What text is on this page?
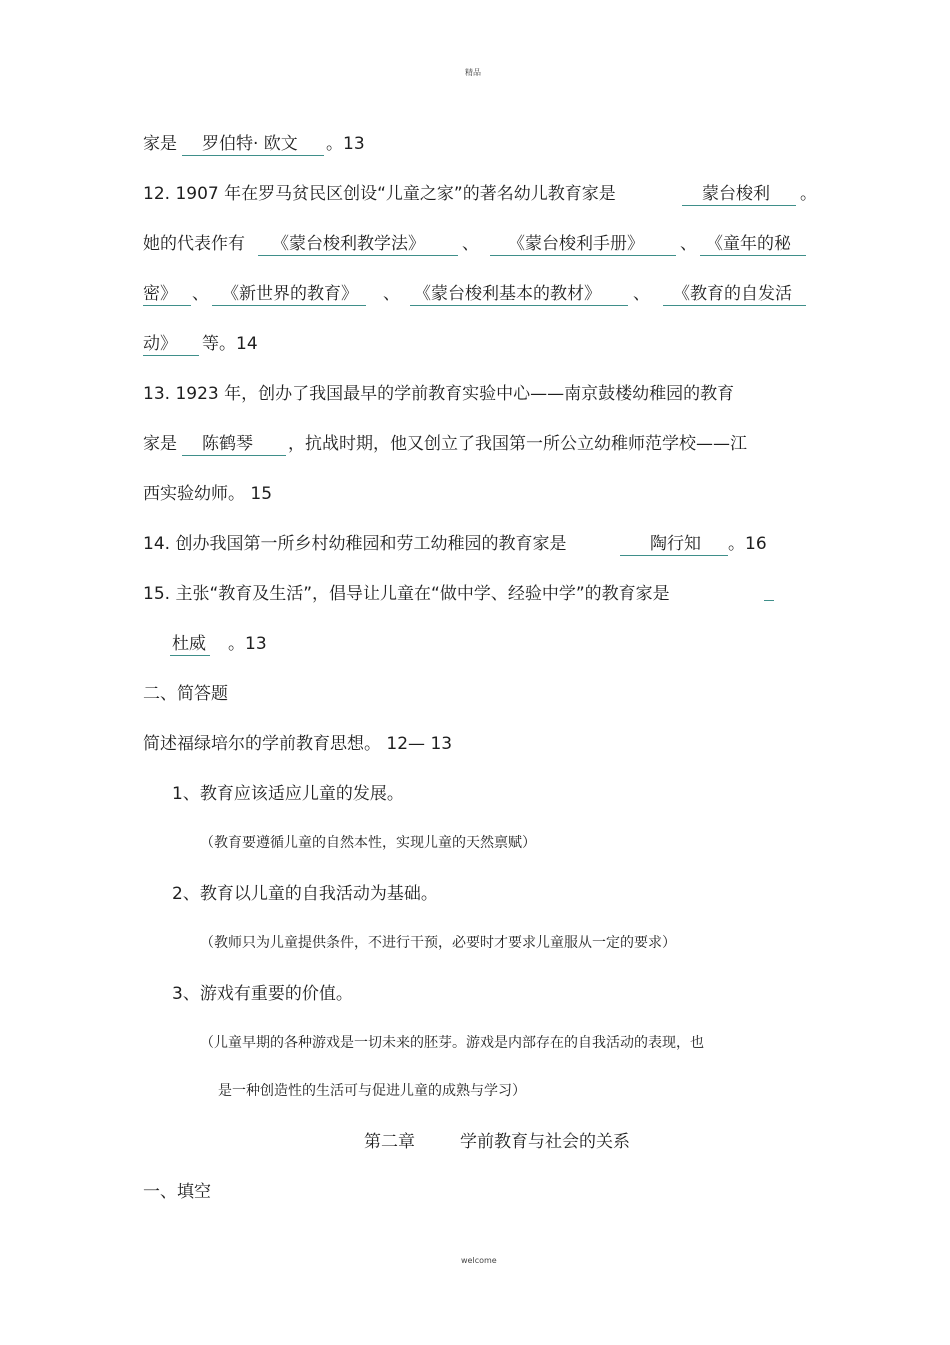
精品
家是 罗伯特· 欧文 。13
12. 1907 年在罗马贫民区创设“儿童之家”的著名幼儿教育家是	蒙台梭利 。
她的代表作有 《蒙台梭利教学法》 、 《蒙台梭利手册》 、 《童年的秘
密》 、 《新世界的教育》 、 《蒙台梭利基本的教材》 、 《教育的自发活
动》 等。14
13. 1923 年，创办了我国最早的学前教育实验中心——南京鼓楼幼稚园的教育
家是 陈鹤琴 ，抗战时期，他又创立了我国第一所公立幼稚师范学校——江
西实验幼师。 15
14. 创办我国第一所乡村幼稚园和劳工幼稚园的教育家是	陶行知 。16
15. 主张“教育及生活”，倡导让儿童在“做中学、经验中学”的教育家是
杜威 。13
二、简答题
简述福绿培尔的学前教育思想。 12— 13
1、教育应该适应儿童的发展。
（教育要遵循儿童的自然本性，实现儿童的天然禀赋）
2、教育以儿童的自我活动为基础。
（教师只为儿童提供条件，不进行干预，必要时才要求儿童服从一定的要求）
3、游戏有重要的价值。
（儿童早期的各种游戏是一切未来的胚芽。游戏是内部存在的自我活动的表现，也
是一种创造性的生活可与促进儿童的成熟与学习）
第二章	学前教育与社会的关系
一、填空
welcome
